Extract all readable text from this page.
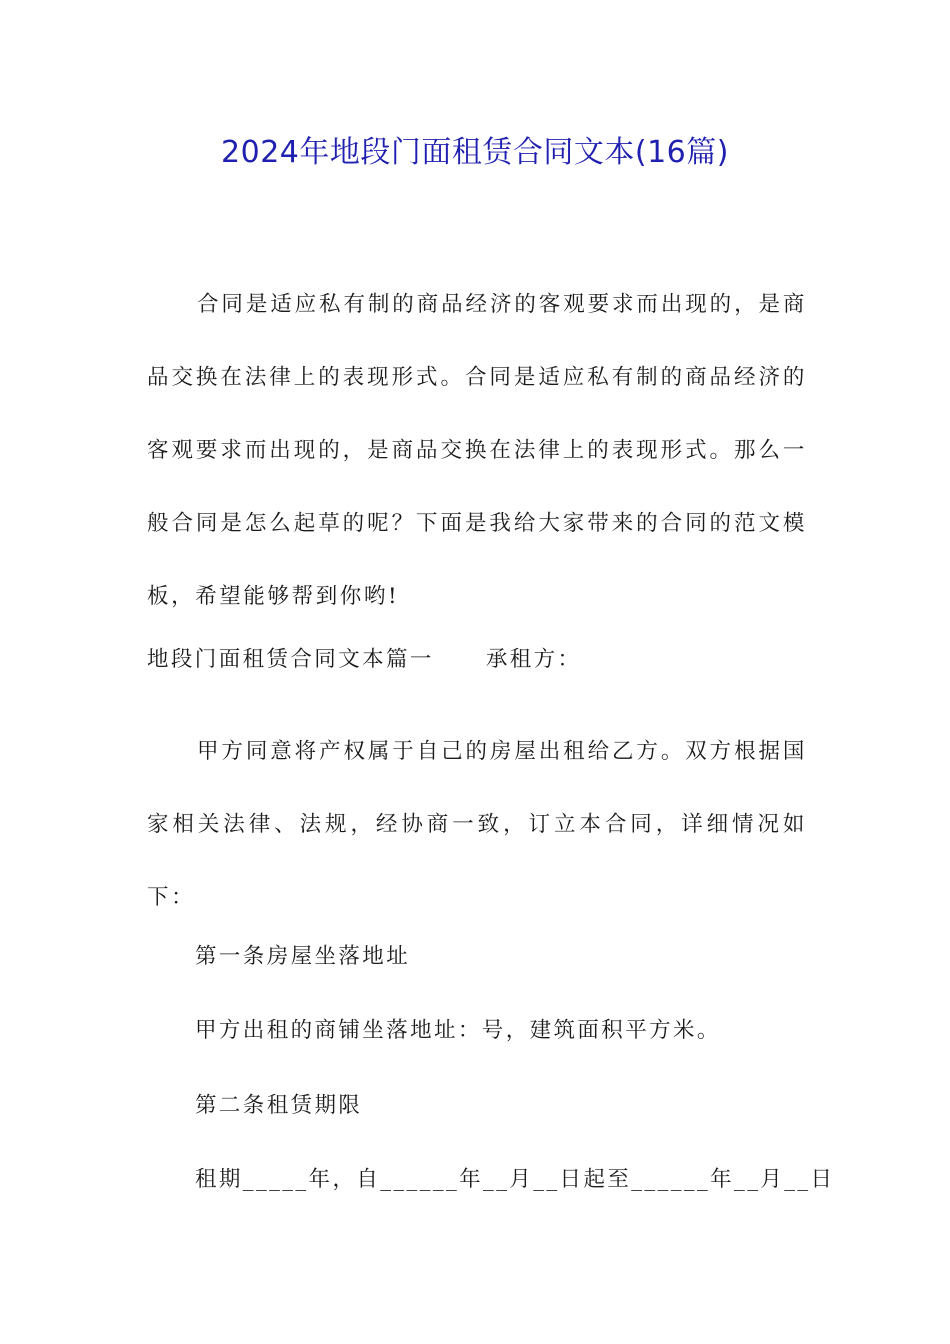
2024年地段门面租赁合同文本(16篇)

合同是适应私有制的商品经济的客观要求而出现的，是商品交换在法律上的表现形式。合同是适应私有制的商品经济的客观要求而出现的，是商品交换在法律上的表现形式。那么一般合同是怎么起草的呢？下面是我给大家带来的合同的范文模板，希望能够帮到你哟!

地段门面租赁合同文本篇一 承租方：

甲方同意将产权属于自己的房屋出租给乙方。双方根据国家相关法律、法规，经协商一致，订立本合同，详细情况如下：

第一条房屋坐落地址
甲方出租的商铺坐落地址：号，建筑面积平方米。
第二条租赁期限
租期_____年，自______年__月__日起至______年__月__日
